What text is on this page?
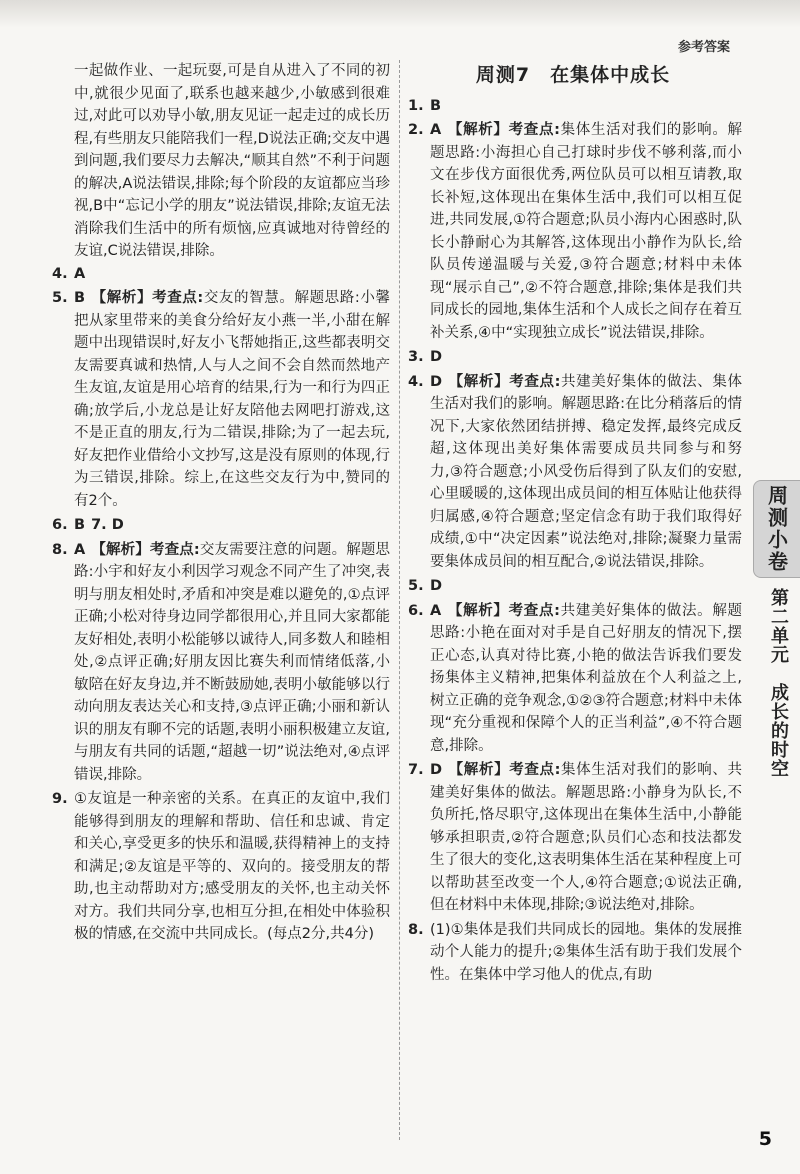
参考答案
一起做作业、一起玩耍,可是自从进入了不同的初中,就很少见面了,联系也越来越少,小敏感到很难过,对此可以劝导小敏,朋友见证一起走过的成长历程,有些朋友只能陪我们一程,D说法正确;交友中遇到问题,我们要尽力去解决,“顺其自然”不利于问题的解决,A说法错误,排除;每个阶段的友谊都应当珍视,B中“忘记小学的朋友”说法错误,排除;友谊无法消除我们生活中的所有烦恼,应真诚地对待曾经的友谊,C说法错误,排除。
4. A
5. B 【解析】考查点:交友的智慧。解题思路:小馨把从家里带来的美食分给好友小燕一半,小甜在解题中出现错误时,好友小飞帮她指正,这些都表明交友需要真诚和热情,人与人之间不会自然而然地产生友谊,友谊是用心培育的结果,行为一和行为四正确;放学后,小龙总是让好友陪他去网吧打游戏,这不是正直的朋友,行为二错误,排除;为了一起去玩,好友把作业借给小文抄写,这是没有原则的体现,行为三错误,排除。综上,在这些交友行为中,赞同的有2个。
6. B 7. D
8. A 【解析】考查点:交友需要注意的问题。解题思路:小宇和好友小利因学习观念不同产生了冲突,表明与朋友相处时,矛盾和冲突是难以避免的,①点评正确;小松对待身边同学都很用心,并且同大家都能友好相处,表明小松能够以诚待人,同多数人和睦相处,②点评正确;好朋友因比赛失利而情绪低落,小敏陪在好友身边,并不断鼓励她,表明小敏能够以行动向朋友表达关心和支持,③点评正确;小丽和新认识的朋友有聊不完的话题,表明小丽积极建立友谊,与朋友有共同的话题,“超越一切”说法绝对,④点评错误,排除。
9. ①友谊是一种亲密的关系。在真正的友谊中,我们能够得到朋友的理解和帮助、信任和忠诚、肯定和关心,享受更多的快乐和温暖,获得精神上的支持和满足;②友谊是平等的、双向的。接受朋友的帮助,也主动帮助对方;感受朋友的关怀,也主动关怀对方。我们共同分享,也相互分担,在相处中体验积极的情感,在交流中共同成长。(每点2分,共4分)
周测7　在集体中成长
1. B
2. A 【解析】考查点:集体生活对我们的影响。解题思路:小海担心自己打球时步伐不够利落,而小文在步伐方面很优秀,两位队员可以相互请教,取长补短,这体现出在集体生活中,我们可以相互促进,共同发展,①符合题意;队员小海内心困惑时,队长小静耐心为其解答,这体现出小静作为队长,给队员传递温暖与关爱,③符合题意;材料中未体现“展示自己”,②不符合题意,排除;集体是我们共同成长的园地,集体生活和个人成长之间存在着互补关系,④中“实现独立成长”说法错误,排除。
3. D
4. D 【解析】考查点:共建美好集体的做法、集体生活对我们的影响。解题思路:在比分稍落后的情况下,大家依然团结拼搏、稳定发挥,最终完成反超,这体现出美好集体需要成员共同参与和努力,③符合题意;小风受伤后得到了队友们的安慰,心里暖暖的,这体现出成员间的相互体贴让他获得归属感,④符合题意;坚定信念有助于我们取得好成绩,①中“决定因素”说法绝对,排除;凝聚力量需要集体成员间的相互配合,②说法错误,排除。
5. D
6. A 【解析】考查点:共建美好集体的做法。解题思路:小艳在面对对手是自己好朋友的情况下,摆正心态,认真对待比赛,小艳的做法告诉我们要发扬集体主义精神,把集体利益放在个人利益之上,树立正确的竞争观念,①②③符合题意;材料中未体现“充分重视和保障个人的正当利益”,④不符合题意,排除。
7. D 【解析】考查点:集体生活对我们的影响、共建美好集体的做法。解题思路:小静身为队长,不负所托,恪尽职守,这体现出在集体生活中,小静能够承担职责,②符合题意;队员们心态和技法都发生了很大的变化,这表明集体生活在某种程度上可以帮助甚至改变一个人,④符合题意;①说法正确,但在材料中未体现,排除;③说法绝对,排除。
8. (1)①集体是我们共同成长的园地。集体的发展推动个人能力的提升;②集体生活有助于我们发展个性。在集体中学习他人的优点,有助
周测小卷
第二单元　成长的时空
5
